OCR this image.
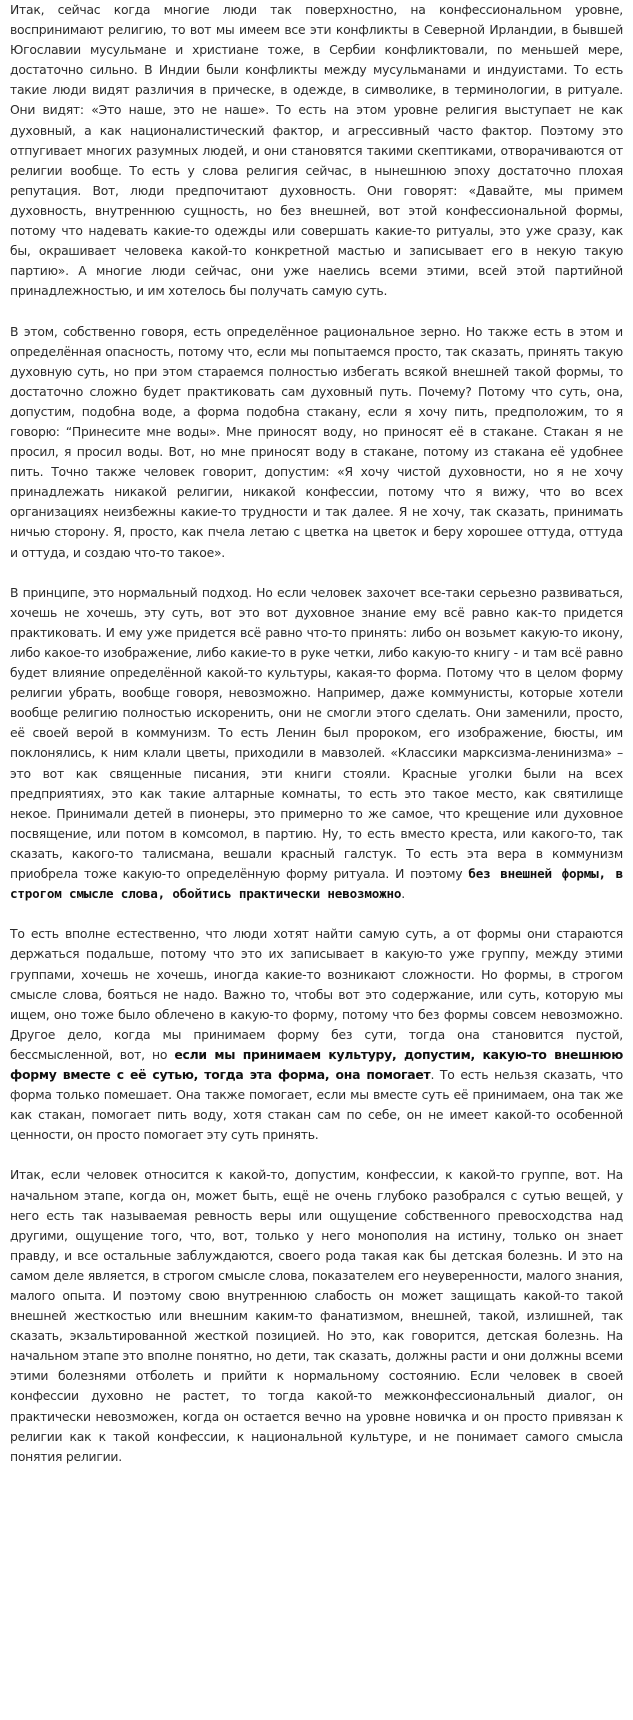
Итак, сейчас когда многие люди так поверхностно, на конфессиональном уровне, воспринимают религию, то вот мы имеем все эти конфликты в Северной Ирландии, в бывшей Югославии мусульмане и христиане тоже, в Сербии конфликтовали, по меньшей мере, достаточно сильно. В Индии были конфликты между мусульманами и индуистами. То есть такие люди видят различия в прическе, в одежде, в символике, в терминологии, в ритуале. Они видят: «Это наше, это не наше». То есть на этом уровне религия выступает не как духовный, а как националистический фактор, и агрессивный часто фактор. Поэтому это отпугивает многих разумных людей, и они становятся такими скептиками, отворачиваются от религии вообще. То есть у слова религия сейчас, в нынешнюю эпоху достаточно плохая репутация. Вот, люди предпочитают духовность. Они говорят: «Давайте, мы примем духовность, внутреннюю сущность, но без внешней, вот этой конфессиональной формы, потому что надевать какие-то одежды или совершать какие-то ритуалы, это уже сразу, как бы, окрашивает человека какой-то конкретной мастью и записывает его в некую такую партию». А многие люди сейчас, они уже наелись всеми этими, всей этой партийной принадлежностью, и им хотелось бы получать самую суть.

В этом, собственно говоря, есть определённое рациональное зерно. Но также есть в этом и определённая опасность, потому что, если мы попытаемся просто, так сказать, принять такую духовную суть, но при этом стараемся полностью избегать всякой внешней такой формы, то достаточно сложно будет практиковать сам духовный путь. Почему? Потому что суть, она, допустим, подобна воде, а форма подобна стакану, если я хочу пить, предположим, то я говорю: “Принесите мне воды». Мне приносят воду, но приносят её в стакане. Стакан я не просил, я просил воды. Вот, но мне приносят воду в стакане, потому из стакана её удобнее пить. Точно также человек говорит, допустим: «Я хочу чистой духовности, но я не хочу принадлежать никакой религии, никакой конфессии, потому что я вижу, что во всех организациях неизбежны какие-то трудности и так далее. Я не хочу, так сказать, принимать ничью сторону. Я, просто, как пчела летаю с цветка на цветок и беру хорошее оттуда, оттуда и оттуда, и создаю что-то такое».

В принципе, это нормальный подход. Но если человек захочет все-таки серьезно развиваться, хочешь не хочешь, эту суть, вот это вот духовное знание ему всё равно как-то придется практиковать. И ему уже придется всё равно что-то принять: либо он возьмет какую-то икону, либо какое-то изображение, либо какие-то в руке четки, либо какую-то книгу - и там всё равно будет влияние определённой какой-то культуры, какая-то форма. Потому что в целом форму религии убрать, вообще говоря, невозможно. Например, даже коммунисты, которые хотели вообще религию полностью искоренить, они не смогли этого сделать. Они заменили, просто, её своей верой в коммунизм. То есть Ленин был пророком, его изображение, бюсты, им поклонялись, к ним клали цветы, приходили в мавзолей. «Классики марксизма-ленинизма» – это вот как священные писания, эти книги стояли. Красные уголки были на всех предприятиях, это как такие алтарные комнаты, то есть это такое место, как святилище некое. Принимали детей в пионеры, это примерно то же самое, что крещение или духовное посвящение, или потом в комсомол, в партию. Ну, то есть вместо креста, или какого-то, так сказать, какого-то талисмана, вешали красный галстук. То есть эта вера в коммунизм приобрела тоже какую-то определённую форму ритуала. И поэтому без внешней формы, в строгом смысле слова, обойтись практически невозможно.

То есть вполне естественно, что люди хотят найти самую суть, а от формы они стараются держаться подальше, потому что это их записывает в какую-то уже группу, между этими группами, хочешь не хочешь, иногда какие-то возникают сложности. Но формы, в строгом смысле слова, бояться не надо. Важно то, чтобы вот это содержание, или суть, которую мы ищем, оно тоже было облечено в какую-то форму, потому что без формы совсем невозможно. Другое дело, когда мы принимаем форму без сути, тогда она становится пустой, бессмысленной, вот, но если мы принимаем культуру, допустим, какую-то внешнюю форму вместе с её сутью, тогда эта форма, она помогает. То есть нельзя сказать, что форма только помешает. Она также помогает, если мы вместе суть её принимаем, она так же как стакан, помогает пить воду, хотя стакан сам по себе, он не имеет какой-то особенной ценности, он просто помогает эту суть принять.

Итак, если человек относится к какой-то, допустим, конфессии, к какой-то группе, вот. На начальном этапе, когда он, может быть, ещё не очень глубоко разобрался с сутью вещей, у него есть так называемая ревность веры или ощущение собственного превосходства над другими, ощущение того, что, вот, только у него монополия на истину, только он знает правду, и все остальные заблуждаются, своего рода такая как бы детская болезнь. И это на самом деле является, в строгом смысле слова, показателем его неуверенности, малого знания, малого опыта. И поэтому свою внутреннюю слабость он может защищать какой-то такой внешней жесткостью или внешним каким-то фанатизмом, внешней, такой, излишней, так сказать, экзальтированной жесткой позицией. Но это, как говорится, детская болезнь. На начальном этапе это вполне понятно, но дети, так сказать, должны расти и они должны всеми этими болезнями отболеть и прийти к нормальному состоянию. Если человек в своей конфессии духовно не растет, то тогда какой-то межконфессиональный диалог, он практически невозможен, когда он остается вечно на уровне новичка и он просто привязан к религии как к такой конфессии, к национальной культуре, и не понимает самого смысла понятия религии.
